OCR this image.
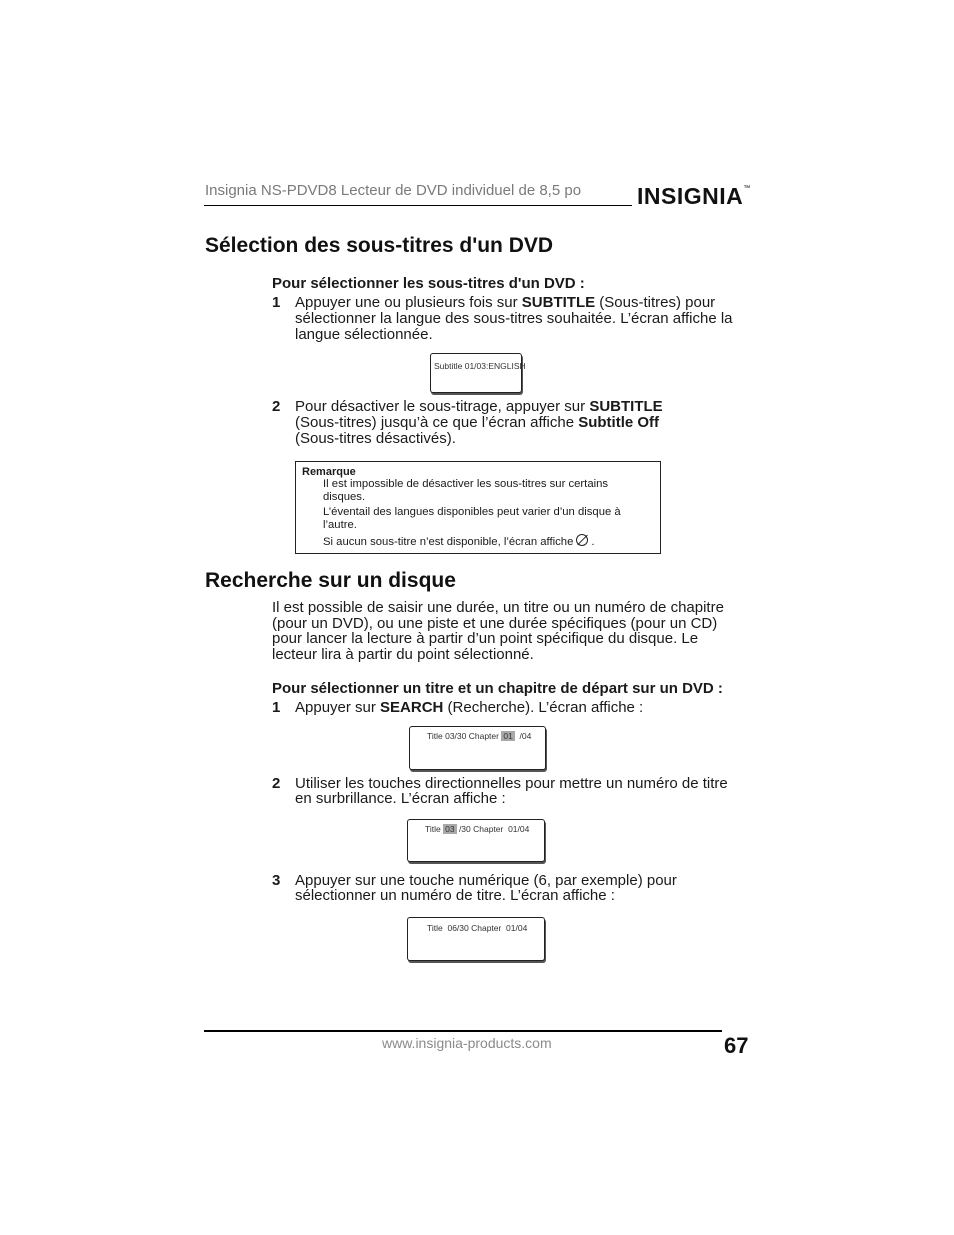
Insignia NS-PDVD8 Lecteur de DVD individuel de 8,5 po INSIGNIA™
Sélection des sous-titres d'un DVD
Pour sélectionner les sous-titres d'un DVD :
1 Appuyer une ou plusieurs fois sur SUBTITLE (Sous-titres) pour
sélectionner la langue des sous-titres souhaitée. L’écran affiche la
langue sélectionnée.

Subtitle 01/03:ENGLISH

2 Pour désactiver le sous-titrage, appuyer sur SUBTITLE
(Sous-titres) jusqu’à ce que l’écran affiche Subtitle Off
(Sous-titres désactivés).
Remarque
Il est impossible de désactiver les sous-titres sur certains
disques.
L’éventail des langues disponibles peut varier d’un disque à
l’autre.
Si aucun sous-titre n’est disponible, l’écran affiche .
Recherche sur un disque
Il est possible de saisir une durée, un titre ou un numéro de chapitre
(pour un DVD), ou une piste et une durée spécifiques (pour un CD)
pour lancer la lecture à partir d’un point spécifique du disque. Le
lecteur lira à partir du point sélectionné.
Pour sélectionner un titre et un chapitre de départ sur un DVD :
1 Appuyer sur SEARCH (Recherche). L’écran affiche :

Title 03/30 Chapter 01  /04

2 Utiliser les touches directionnelles pour mettre un numéro de titre
en surbrillance. L’écran affiche :

Title 03 /30 Chapter  01/04

3 Appuyer sur une touche numérique (6, par exemple) pour
sélectionner un numéro de titre. L’écran affiche :

Title  06/30 Chapter  01/04

www.insignia-products.com	67
